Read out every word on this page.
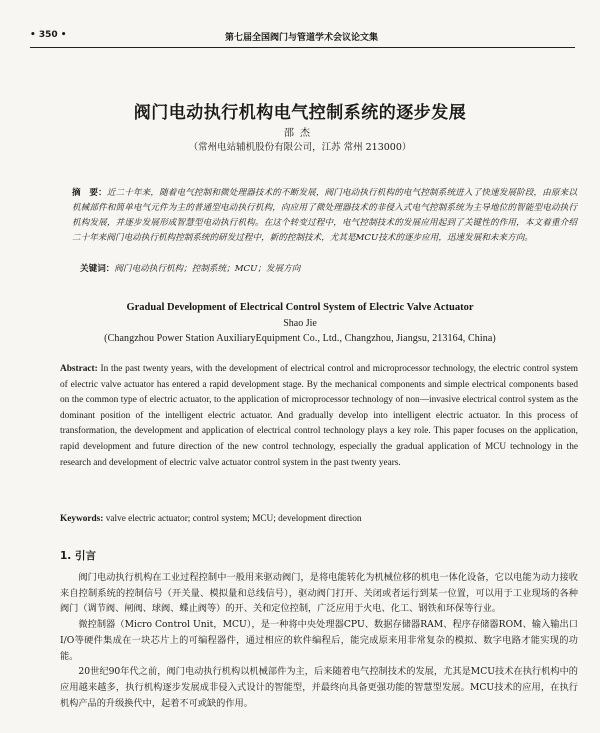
• 350 •	第七届全国阀门与管道学术会议论文集
阀门电动执行机构电气控制系统的逐步发展
邵杰
（常州电站辅机股份有限公司，江苏 常州 213000）
摘　要：近二十年来，随着电气控制和微处理器技术的不断发展，阀门电动执行机构的电气控制系统进入了快速发展阶段，由原来以机械部件和简单电气元件为主的普通型电动执行机构，向应用了微处理器技术的非侵入式电气控制系统为主导地位的智能型电动执行机构发展，并逐步发展形成智慧型电动执行机构。在这个转变过程中，电气控制技术的发展应用起到了关键性的作用，本文着重介绍二十年来阀门电动执行机构控制系统的研发过程中，新的控制技术，尤其是MCU技术的逐步应用，迅速发展和未来方向。
关键词：阀门电动执行机构；控制系统；MCU；发展方向
Gradual Development of Electrical Control System of Electric Valve Actuator
Shao Jie
(Changzhou Power Station AuxiliaryEquipment Co., Ltd., Changzhou, Jiangsu, 213164, China)
Abstract: In the past twenty years, with the development of electrical control and microprocessor technology, the electric control system of electric valve actuator has entered a rapid development stage. By the mechanical components and simple electrical components based on the common type of electric actuator, to the application of microprocessor technology of non—invasive electrical control system as the dominant position of the intelligent electric actuator. And gradually develop into intelligent electric actuator. In this process of transformation, the development and application of electrical control technology plays a key role. This paper focuses on the application, rapid development and future direction of the new control technology, especially the gradual application of MCU technology in the research and development of electric valve actuator control system in the past twenty years.
Keywords: valve electric actuator; control system; MCU; development direction
1. 引言

阀门电动执行机构在工业过程控制中一般用来驱动阀门，是将电能转化为机械位移的机电一体化设备，它以电能为动力接收来自控制系统的控制信号（开关量、模拟量和总线信号），驱动阀门打开、关闭或者运行到某一位置，可以用于工业现场的各种阀门（调节阀、闸阀、球阀、蝶止阀等）的开、关和定位控制，广泛应用于火电、化工、钢铁和环保等行业。

微控制器（Micro Control Unit，MCU），是一种将中央处理器CPU、数据存储器RAM、程序存储器ROM、输入输出口I/O等硬件集成在一块芯片上的可编程器件，通过相应的软件编程后，能完成原来用非常复杂的模拟、数字电路才能实现的功能。

20世纪90年代之前，阀门电动执行机构以机械部件为主，后来随着电气控制技术的发展，尤其是MCU技术在执行机构中的应用越来越多，执行机构逐步发展成非侵入式设计的智能型，并最终向具备更强功能的智慧型发展。MCU技术的应用，在执行机构产品的升级换代中，起着不可或缺的作用。
